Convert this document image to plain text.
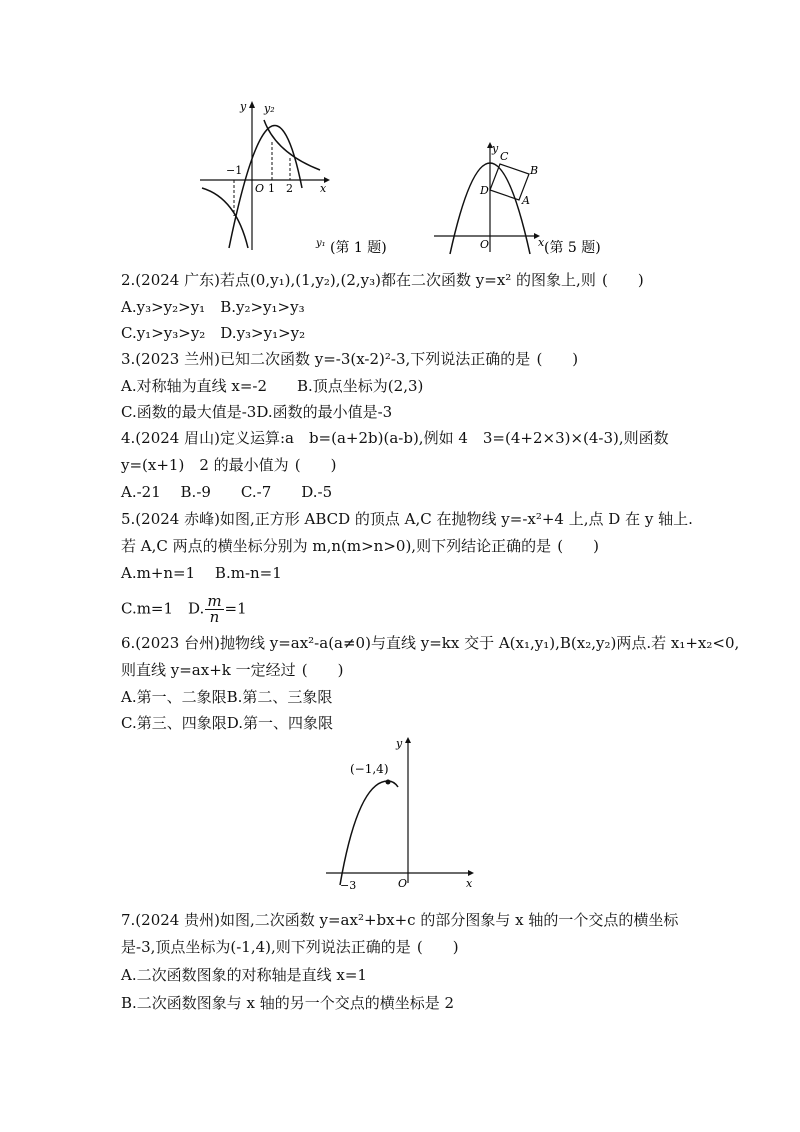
y y₂
−1
O 1 2 x
y₁ (第 1 题)
y
C
B
D
A
O	x (第 5 题)
2.(2024 广东)若点(0,y₁),(1,y₂),(2,y₃)都在二次函数 y=x² 的图象上,则 (　　)
A.y₃>y₂>y₁　B.y₂>y₁>y₃
C.y₁>y₃>y₂　D.y₃>y₁>y₂
3.(2023 兰州)已知二次函数 y=-3(x-2)²-3,下列说法正确的是 (　　)
A.对称轴为直线 x=-2　　B.顶点坐标为(2,3)
C.函数的最大值是-3D.函数的最小值是-3
4.(2024 眉山)定义运算:a　b=(a+2b)(a-b),例如 4　3=(4+2×3)×(4-3),则函数
y=(x+1)　2 的最小值为 (　　)
A.-21　 B.-9　　C.-7　　D.-5
5.(2024 赤峰)如图,正方形 ABCD 的顶点 A,C 在抛物线 y=-x²+4 上,点 D 在 y 轴上.
若 A,C 两点的横坐标分别为 m,n(m>n>0),则下列结论正确的是 (　　)
A.m+n=1　 B.m-n=1
C.m=1　D. $\frac{m}{n} =1$
6.(2023 台州)抛物线 y=ax²-a(a≠0)与直线 y=kx 交于 A(x₁,y₁),B(x₂,y₂)两点.若 x₁+x₂<0,
则直线 y=ax+k 一定经过 (　　)
A.第一、二象限B.第二、三象限
C.第三、四象限D.第一、四象限
y
(−1,4)
−3	O	x
7.(2024 贵州)如图,二次函数 y=ax²+bx+c 的部分图象与 x 轴的一个交点的横坐标
是-3,顶点坐标为(-1,4),则下列说法正确的是 (　　)
A.二次函数图象的对称轴是直线 x=1
B.二次函数图象与 x 轴的另一个交点的横坐标是 2
